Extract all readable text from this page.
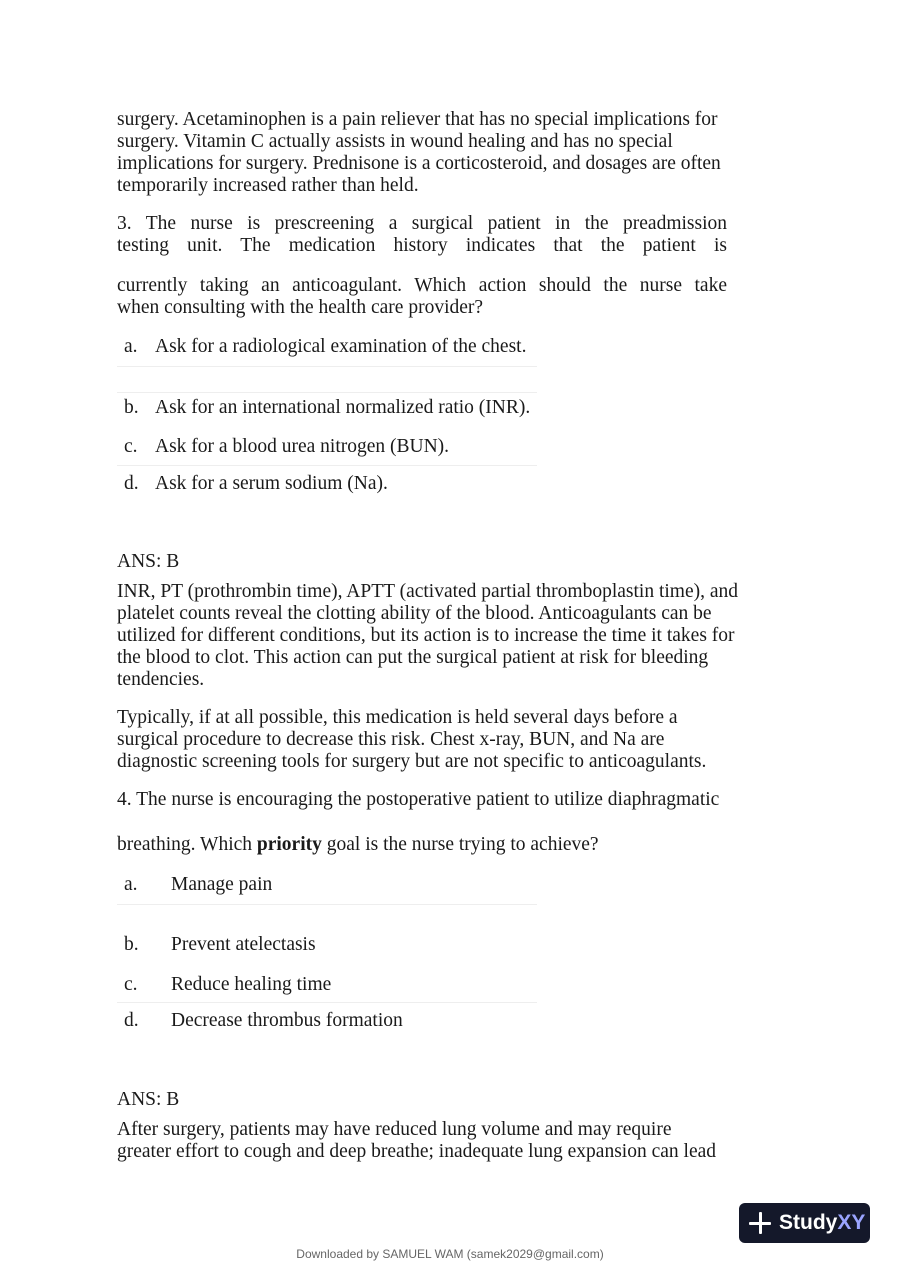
surgery. Acetaminophen is a pain reliever that has no special implications for
surgery. Vitamin C actually assists in wound healing and has no special
implications for surgery. Prednisone is a corticosteroid, and dosages are often
temporarily increased rather than held.
3. The nurse is prescreening a surgical patient in the preadmission
testing unit. The medication history indicates that the patient is
currently taking an anticoagulant. Which action should the nurse take
when consulting with the health care provider?
a. Ask for a radiological examination of the chest.
b. Ask for an international normalized ratio (INR).
c. Ask for a blood urea nitrogen (BUN).
d. Ask for a serum sodium (Na).
ANS: B
INR, PT (prothrombin time), APTT (activated partial thromboplastin time), and
platelet counts reveal the clotting ability of the blood. Anticoagulants can be
utilized for different conditions, but its action is to increase the time it takes for
the blood to clot. This action can put the surgical patient at risk for bleeding
tendencies.
Typically, if at all possible, this medication is held several days before a
surgical procedure to decrease this risk. Chest x-ray, BUN, and Na are
diagnostic screening tools for surgery but are not specific to anticoagulants.
4. The nurse is encouraging the postoperative patient to utilize diaphragmatic
breathing. Which priority goal is the nurse trying to achieve?
a. Manage pain
b. Prevent atelectasis
c. Reduce healing time
d. Decrease thrombus formation
ANS: B
After surgery, patients may have reduced lung volume and may require
greater effort to cough and deep breathe; inadequate lung expansion can lead
Study XY
Downloaded by SAMUEL WAM (samek2029@gmail.com)
